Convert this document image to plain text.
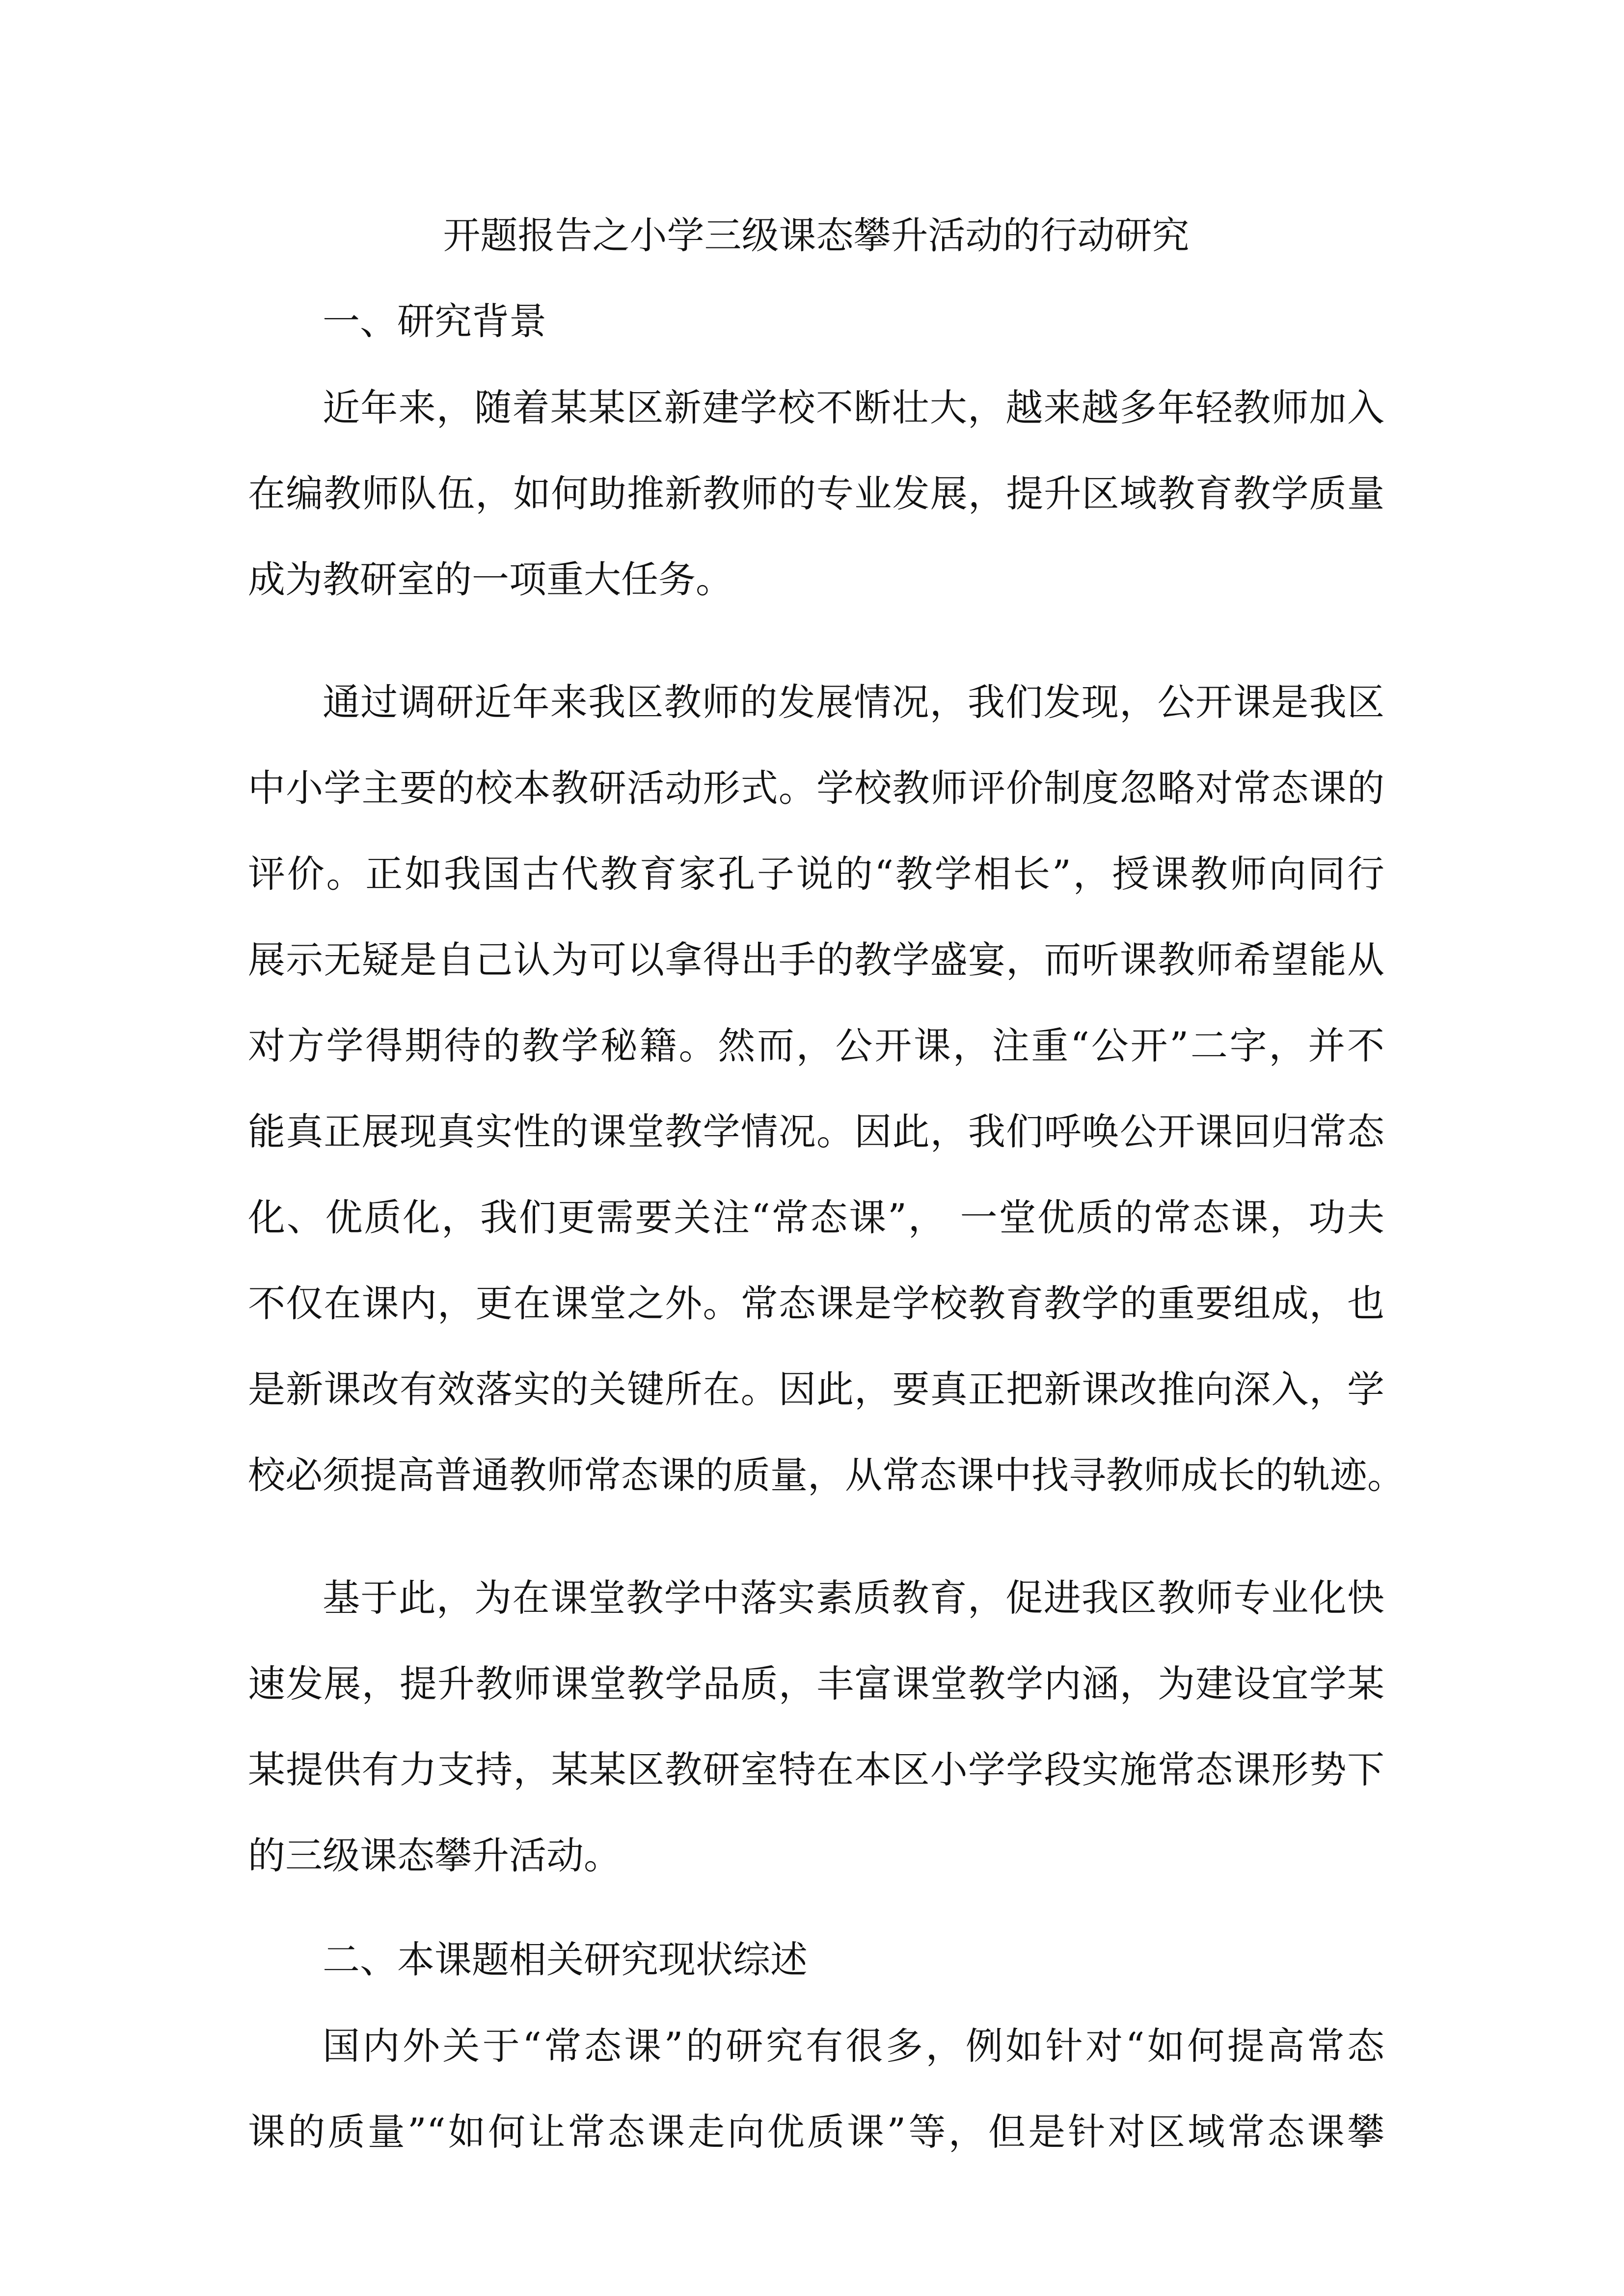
开题报告之小学三级课态攀升活动的行动研究
一、研究背景
近年来，随着某某区新建学校不断壮大，越来越多年轻教师加入
在编教师队伍，如何助推新教师的专业发展，提升区域教育教学质量
成为教研室的一项重大任务。
通过调研近年来我区教师的发展情况，我们发现，公开课是我区
中小学主要的校本教研活动形式。学校教师评价制度忽略对常态课的
评价。正如我国古代教育家孔子说的“教学相长”，授课教师向同行
展示无疑是自己认为可以拿得出手的教学盛宴，而听课教师希望能从
对方学得期待的教学秘籍。然而，公开课，注重“公开”二字，并不
能真正展现真实性的课堂教学情况。因此，我们呼唤公开课回归常态
化、优质化，我们更需要关注“常态课”， 一堂优质的常态课，功夫
不仅在课内，更在课堂之外。常态课是学校教育教学的重要组成，也
是新课改有效落实的关键所在。因此，要真正把新课改推向深入，学
校必须提高普通教师常态课的质量，从常态课中找寻教师成长的轨迹。
基于此，为在课堂教学中落实素质教育，促进我区教师专业化快
速发展，提升教师课堂教学品质，丰富课堂教学内涵，为建设宜学某
某提供有力支持，某某区教研室特在本区小学学段实施常态课形势下
的三级课态攀升活动。
二、本课题相关研究现状综述
国内外关于“常态课”的研究有很多，例如针对“如何提高常态
课的质量”“如何让常态课走向优质课”等，但是针对区域常态课攀
